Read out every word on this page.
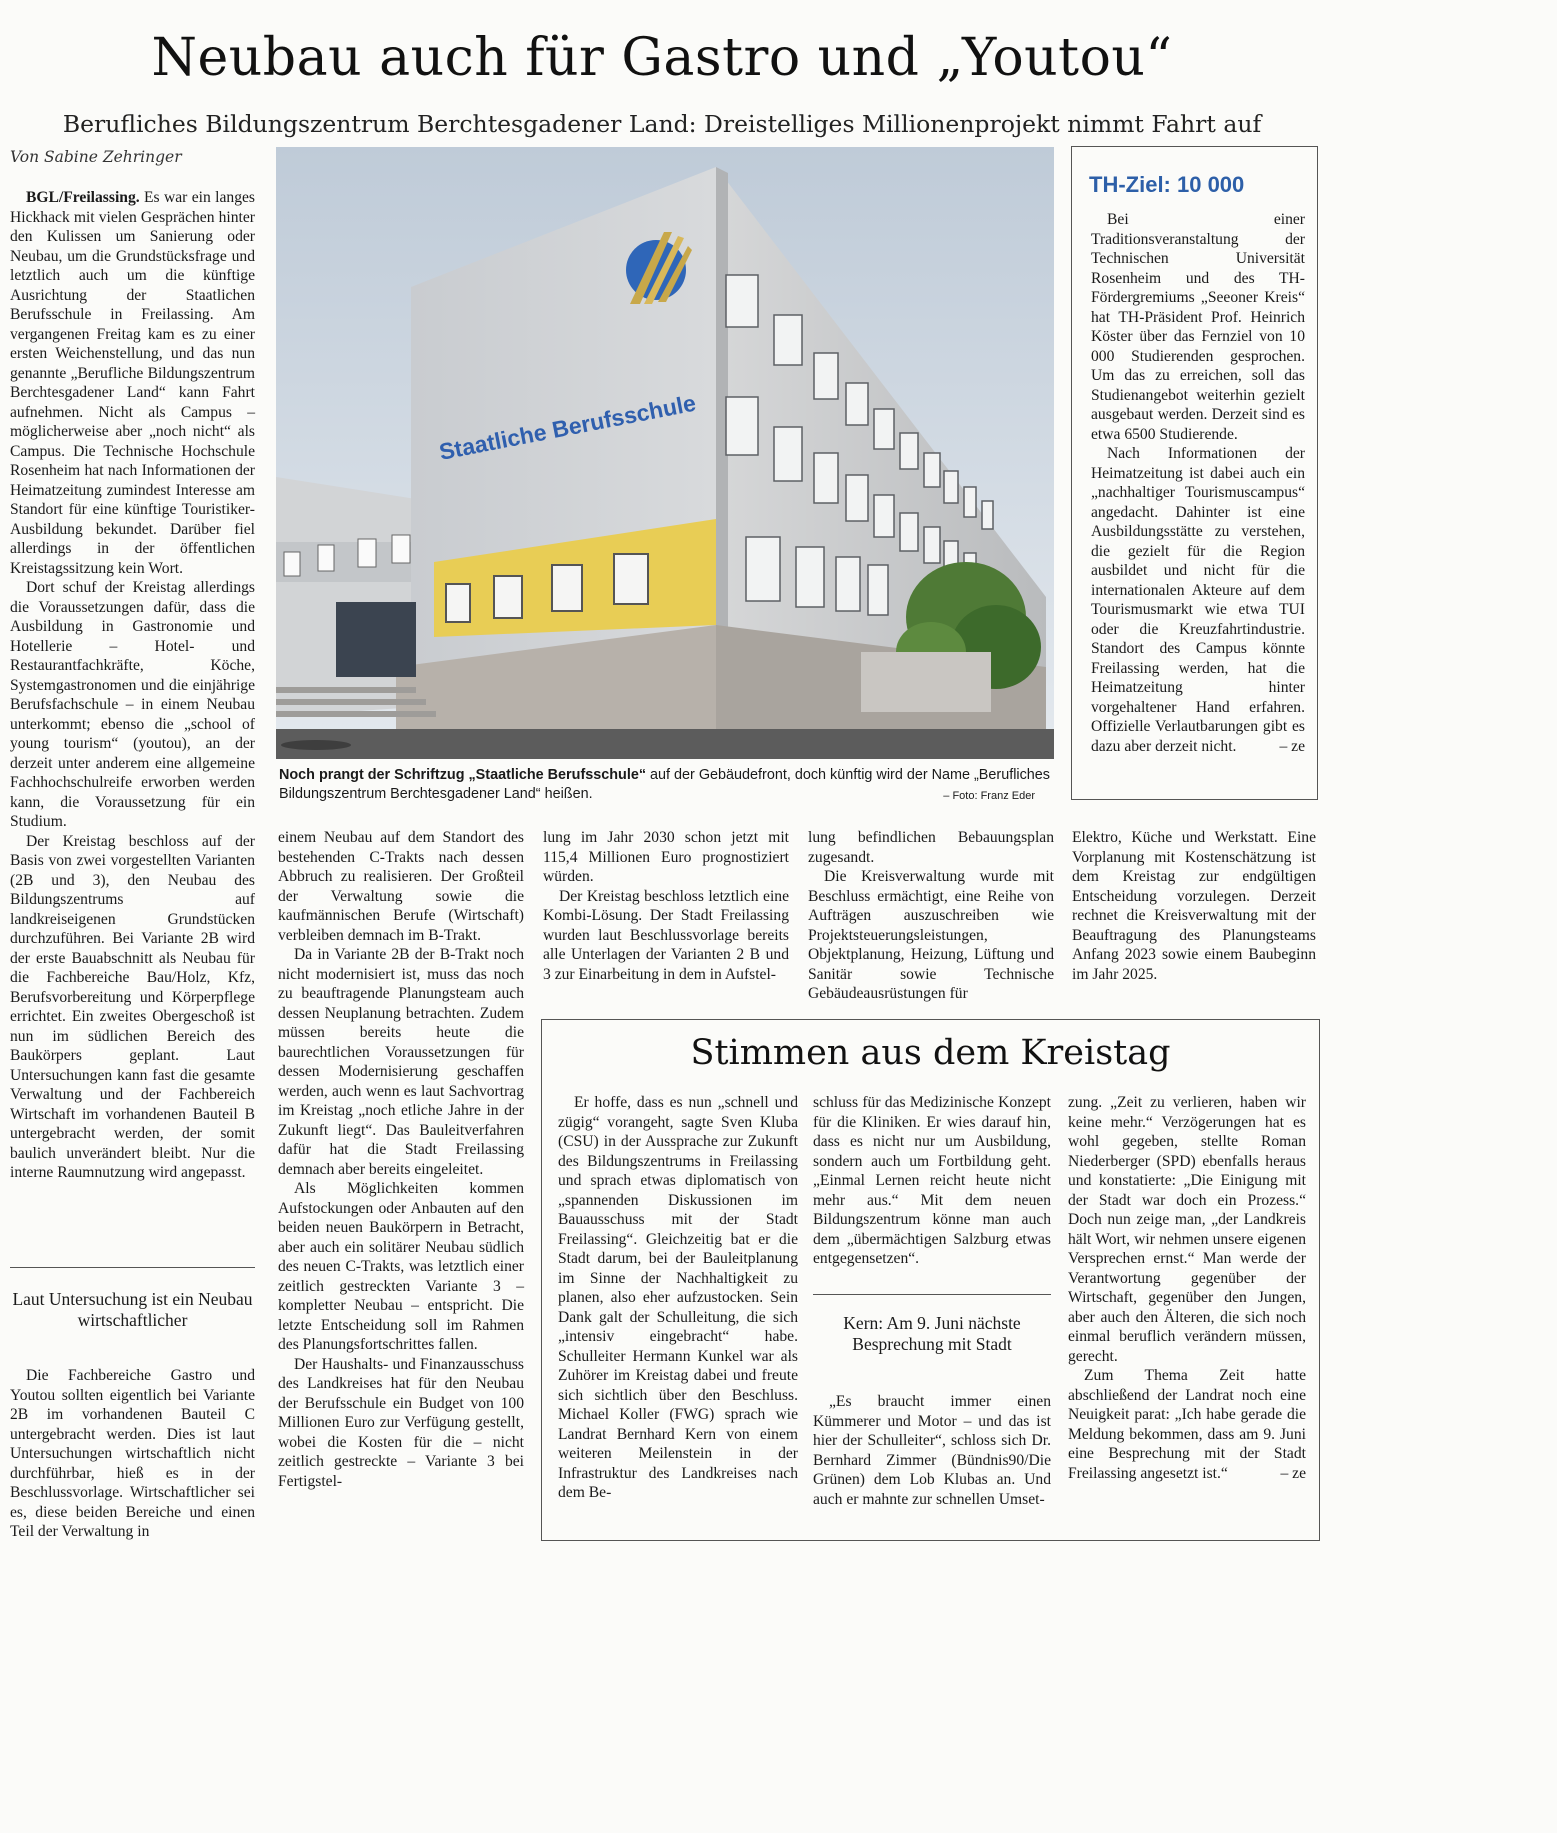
Neubau auch für Gastro und „Youtou“
Berufliches Bildungszentrum Berchtesgadener Land: Dreistelliges Millionenprojekt nimmt Fahrt auf
Von Sabine Zehringer

BGL/Freilassing. Es war ein langes Hickhack mit vielen Gesprächen hinter den Kulissen um Sanierung oder Neubau, um die Grundstücksfrage und letztlich auch um die künftige Ausrichtung der Staatlichen Berufsschule in Freilassing. Am vergangenen Freitag kam es zu einer ersten Weichenstellung, und das nun genannte „Berufliche Bildungszentrum Berchtesgadener Land“ kann Fahrt aufnehmen. Nicht als Campus – möglicherweise aber „noch nicht“ als Campus. Die Technische Hochschule Rosenheim hat nach Informationen der Heimatzeitung zumindest Interesse am Standort für eine künftige Touristiker-Ausbildung bekundet. Darüber fiel allerdings in der öffentlichen Kreistagssitzung kein Wort.

Dort schuf der Kreistag allerdings die Voraussetzungen dafür, dass die Ausbildung in Gastronomie und Hotellerie – Hotel- und Restaurantfachkräfte, Köche, Systemgastronomen und die einjährige Berufsfachschule – in einem Neubau unterkommt; ebenso die „school of young tourism“ (youtou), an der derzeit unter anderem eine allgemeine Fachhochschulreife erworben werden kann, die Voraussetzung für ein Studium.

Der Kreistag beschloss auf der Basis von zwei vorgestellten Varianten (2B und 3), den Neubau des Bildungszentrums auf landkreiseigenen Grundstücken durchzuführen. Bei Variante 2B wird der erste Bauabschnitt als Neubau für die Fachbereiche Bau/Holz, Kfz, Berufsvorbereitung und Körperpflege errichtet. Ein zweites Obergeschoß ist nun im südlichen Bereich des Baukörpers geplant. Laut Untersuchungen kann fast die gesamte Verwaltung und der Fachbereich Wirtschaft im vorhandenen Bauteil B untergebracht werden, der somit baulich unverändert bleibt. Nur die interne Raumnutzung wird angepasst.

Laut Untersuchung ist ein Neubau wirtschaftlicher

Die Fachbereiche Gastro und Youtou sollten eigentlich bei Variante 2B im vorhandenen Bauteil C untergebracht werden. Dies ist laut Untersuchungen wirtschaftlich nicht durchführbar, hieß es in der Beschlussvorlage. Wirtschaftlicher sei es, diese beiden Bereiche und einen Teil der Verwaltung in

Staatliche Berufsschule
Noch prangt der Schriftzug „Staatliche Berufsschule“ auf der Gebäudefront, doch künftig wird der Name „Berufliches Bildungszentrum Berchtesgadener Land“ heißen.	– Foto: Franz Eder
TH-Ziel: 10 000

Bei einer Traditionsveranstaltung der Technischen Universität Rosenheim und des TH-Fördergremiums „Seeoner Kreis“ hat TH-Präsident Prof. Heinrich Köster über das Fernziel von 10 000 Studierenden gesprochen. Um das zu erreichen, soll das Studienangebot weiterhin gezielt ausgebaut werden. Derzeit sind es etwa 6500 Studierende.

Nach Informationen der Heimatzeitung ist dabei auch ein „nachhaltiger Tourismuscampus“ angedacht. Dahinter ist eine Ausbildungsstätte zu verstehen, die gezielt für die Region ausbildet und nicht für die internationalen Akteure auf dem Tourismusmarkt wie etwa TUI oder die Kreuzfahrtindustrie. Standort des Campus könnte Freilassing werden, hat die Heimatzeitung hinter vorgehaltener Hand erfahren. Offizielle Verlautbarungen gibt es dazu aber derzeit nicht.	– ze

einem Neubau auf dem Standort des bestehenden C-Trakts nach dessen Abbruch zu realisieren. Der Großteil der Verwaltung sowie die kaufmännischen Berufe (Wirtschaft) verbleiben demnach im B-Trakt.

Da in Variante 2B der B-Trakt noch nicht modernisiert ist, muss das noch zu beauftragende Planungsteam auch dessen Neuplanung betrachten. Zudem müssen bereits heute die baurechtlichen Voraussetzungen für dessen Modernisierung geschaffen werden, auch wenn es laut Sachvortrag im Kreistag „noch etliche Jahre in der Zukunft liegt“. Das Bauleitverfahren dafür hat die Stadt Freilassing demnach aber bereits eingeleitet.

Als Möglichkeiten kommen Aufstockungen oder Anbauten auf den beiden neuen Baukörpern in Betracht, aber auch ein solitärer Neubau südlich des neuen C-Trakts, was letztlich einer zeitlich gestreckten Variante 3 – kompletter Neubau – entspricht. Die letzte Entscheidung soll im Rahmen des Planungsfortschrittes fallen.

Der Haushalts- und Finanzausschuss des Landkreises hat für den Neubau der Berufsschule ein Budget von 100 Millionen Euro zur Verfügung gestellt, wobei die Kosten für die – nicht zeitlich gestreckte – Variante 3 bei Fertigstel-

lung im Jahr 2030 schon jetzt mit 115,4 Millionen Euro prognostiziert würden.

Der Kreistag beschloss letztlich eine Kombi-Lösung. Der Stadt Freilassing wurden laut Beschlussvorlage bereits alle Unterlagen der Varianten 2 B und 3 zur Einarbeitung in dem in Aufstel-

lung befindlichen Bebauungsplan zugesandt.

Die Kreisverwaltung wurde mit Beschluss ermächtigt, eine Reihe von Aufträgen auszuschreiben wie Projektsteuerungsleistungen, Objektplanung, Heizung, Lüftung und Sanitär sowie Technische Gebäudeausrüstungen für

Elektro, Küche und Werkstatt. Eine Vorplanung mit Kostenschätzung ist dem Kreistag zur endgültigen Entscheidung vorzulegen. Derzeit rechnet die Kreisverwaltung mit der Beauftragung des Planungsteams Anfang 2023 sowie einem Baubeginn im Jahr 2025.

Stimmen aus dem Kreistag

Er hoffe, dass es nun „schnell und zügig“ vorangeht, sagte Sven Kluba (CSU) in der Aussprache zur Zukunft des Bildungszentrums in Freilassing und sprach etwas diplomatisch von „spannenden Diskussionen im Bauausschuss mit der Stadt Freilassing“. Gleichzeitig bat er die Stadt darum, bei der Bauleitplanung im Sinne der Nachhaltigkeit zu planen, also eher aufzustocken. Sein Dank galt der Schulleitung, die sich „intensiv eingebracht“ habe. Schulleiter Hermann Kunkel war als Zuhörer im Kreistag dabei und freute sich sichtlich über den Beschluss. Michael Koller (FWG) sprach wie Landrat Bernhard Kern von einem weiteren Meilenstein in der Infrastruktur des Landkreises nach dem Be-

schluss für das Medizinische Konzept für die Kliniken. Er wies darauf hin, dass es nicht nur um Ausbildung, sondern auch um Fortbildung geht. „Einmal Lernen reicht heute nicht mehr aus.“ Mit dem neuen Bildungszentrum könne man auch dem „übermächtigen Salzburg etwas entgegensetzen“.

Kern: Am 9. Juni nächste Besprechung mit Stadt

„Es braucht immer einen Kümmerer und Motor – und das ist hier der Schulleiter“, schloss sich Dr. Bernhard Zimmer (Bündnis90/Die Grünen) dem Lob Klubas an. Und auch er mahnte zur schnellen Umset-

zung. „Zeit zu verlieren, haben wir keine mehr.“ Verzögerungen hat es wohl gegeben, stellte Roman Niederberger (SPD) ebenfalls heraus und konstatierte: „Die Einigung mit der Stadt war doch ein Prozess.“ Doch nun zeige man, „der Landkreis hält Wort, wir nehmen unsere eigenen Versprechen ernst.“ Man werde der Verantwortung gegenüber der Wirtschaft, gegenüber den Jungen, aber auch den Älteren, die sich noch einmal beruflich verändern müssen, gerecht.

Zum Thema Zeit hatte abschließend der Landrat noch eine Neuigkeit parat: „Ich habe gerade die Meldung bekommen, dass am 9. Juni eine Besprechung mit der Stadt Freilassing angesetzt ist.“	– ze
